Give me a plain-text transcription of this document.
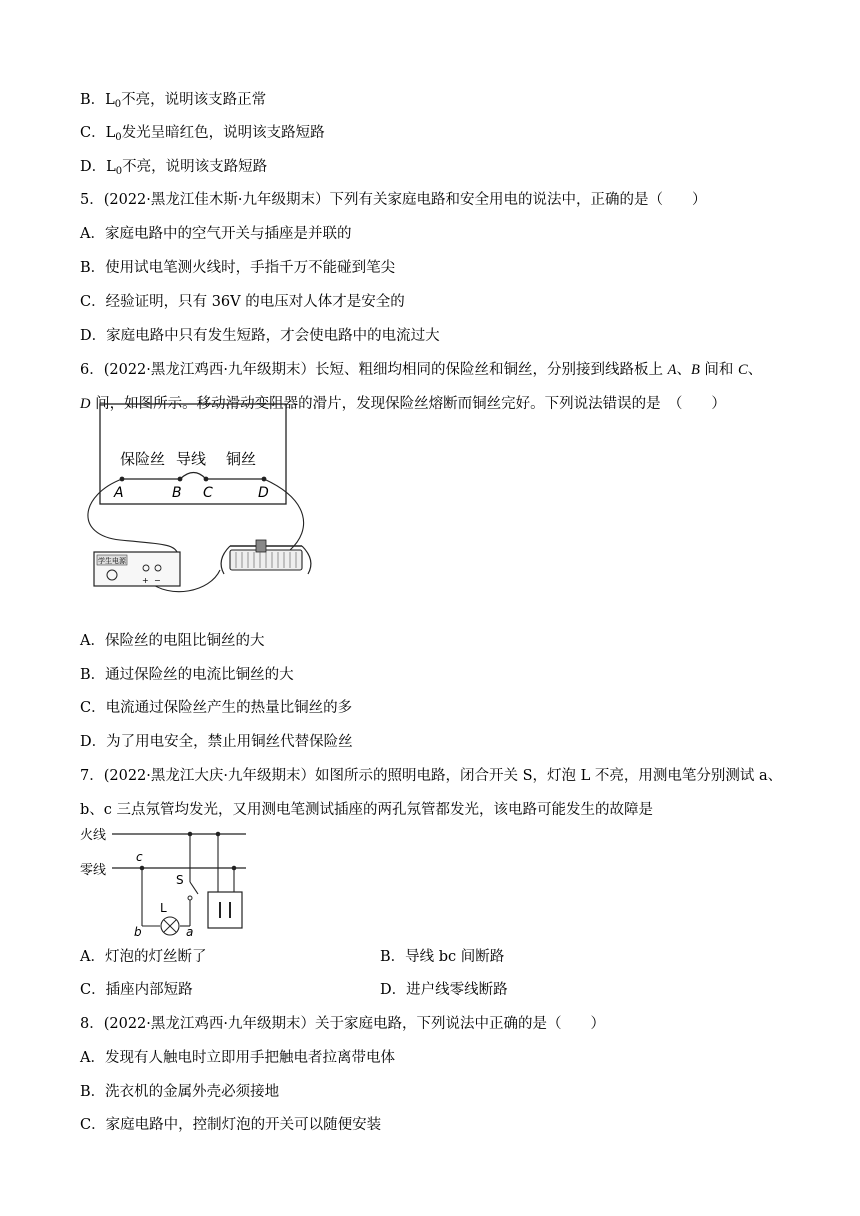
B．$L_0$不亮，说明该支路正常
C．$L_0$发光呈暗红色，说明该支路短路
D．$L_0$不亮，说明该支路短路
5．(2022·黑龙江佳木斯·九年级期末）下列有关家庭电路和安全用电的说法中，正确的是（　　）
A．家庭电路中的空气开关与插座是并联的
B．使用试电笔测火线时，手指千万不能碰到笔尖
C．经验证明，只有 36V 的电压对人体才是安全的
D．家庭电路中只有发生短路，才会使电路中的电流过大
6．(2022·黑龙江鸡西·九年级期末）长短、粗细均相同的保险丝和铜丝，分别接到线路板上 A、B 间和 C、
D 间，如图所示。移动滑动变阻器的滑片，发现保险丝熔断而铜丝完好。下列说法错误的是　（　　）
保险丝 导线 铜丝
A	B C	D
学生电源
+ −
A．保险丝的电阻比铜丝的大
B．通过保险丝的电流比铜丝的大
C．电流通过保险丝产生的热量比铜丝的多
D．为了用电安全，禁止用铜丝代替保险丝
7．(2022·黑龙江大庆·九年级期末）如图所示的照明电路，闭合开关 S，灯泡 L 不亮，用测电笔分别测试 a、
b、c 三点氖管均发光，又用测电笔测试插座的两孔氖管都发光，该电路可能发生的故障是
火线
零线
c
L
b	a
S
A．灯泡的灯丝断了	B．导线 bc 间断路
C．插座内部短路	D．进户线零线断路
8．(2022·黑龙江鸡西·九年级期末）关于家庭电路，下列说法中正确的是（　　）
A．发现有人触电时立即用手把触电者拉离带电体
B．洗衣机的金属外壳必须接地
C．家庭电路中，控制灯泡的开关可以随便安装
